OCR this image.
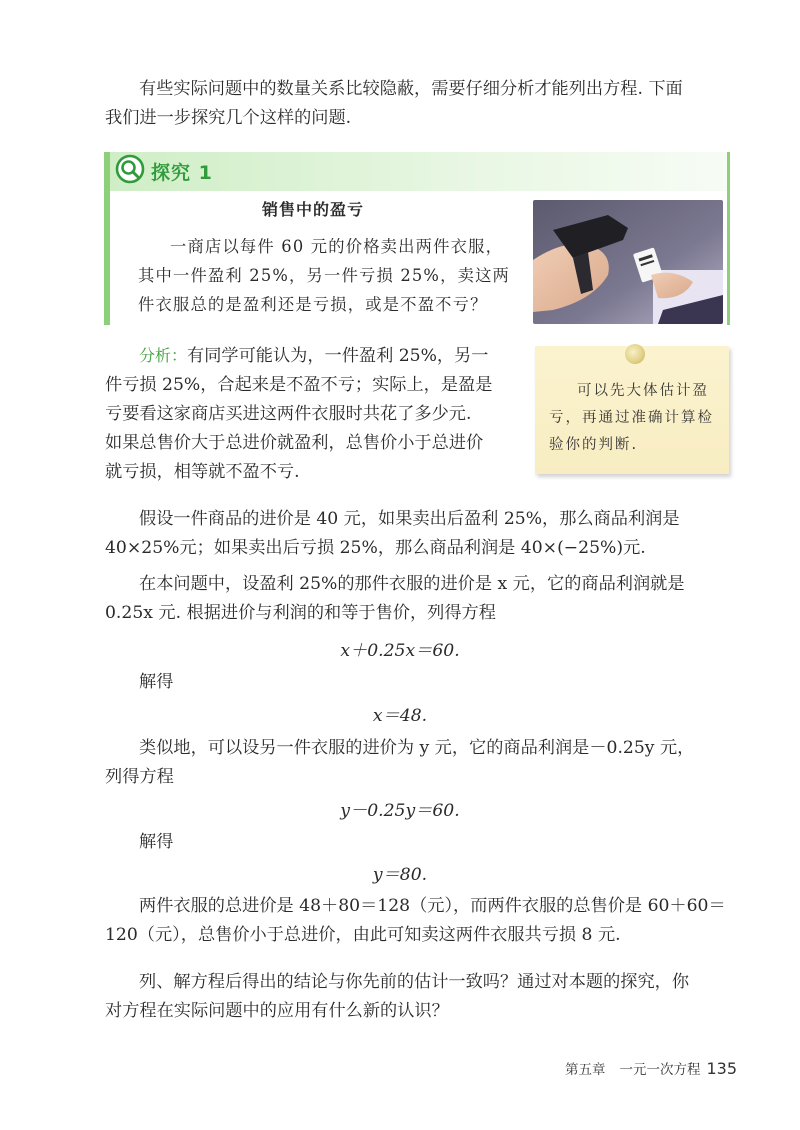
有些实际问题中的数量关系比较隐蔽，需要仔细分析才能列出方程. 下面
我们进一步探究几个这样的问题.
探究 1
销售中的盈亏
一商店以每件 60 元的价格卖出两件衣服，
其中一件盈利 25%，另一件亏损 25%，卖这两
件衣服总的是盈利还是亏损，或是不盈不亏？
分析：有同学可能认为，一件盈利 25%，另一
件亏损 25%，合起来是不盈不亏；实际上，是盈是
亏要看这家商店买进这两件衣服时共花了多少元.
如果总售价大于总进价就盈利，总售价小于总进价
就亏损，相等就不盈不亏.
可以先大体估计盈
亏，再通过准确计算检
验你的判断.
假设一件商品的进价是 40 元，如果卖出后盈利 25%，那么商品利润是
40×25%元；如果卖出后亏损 25%，那么商品利润是 40×(−25%)元.
在本问题中，设盈利 25%的那件衣服的进价是 x 元，它的商品利润就是
0.25x 元. 根据进价与利润的和等于售价，列得方程
x＋0.25x＝60.
解得
x＝48.
类似地，可以设另一件衣服的进价为 y 元，它的商品利润是－0.25y 元，
列得方程
y－0.25y＝60.
解得
y＝80.
两件衣服的总进价是 48＋80＝128（元），而两件衣服的总售价是 60＋60＝
120（元），总售价小于总进价，由此可知卖这两件衣服共亏损 8 元.
列、解方程后得出的结论与你先前的估计一致吗？通过对本题的探究，你
对方程在实际问题中的应用有什么新的认识？
第五章 一元一次方程 135
